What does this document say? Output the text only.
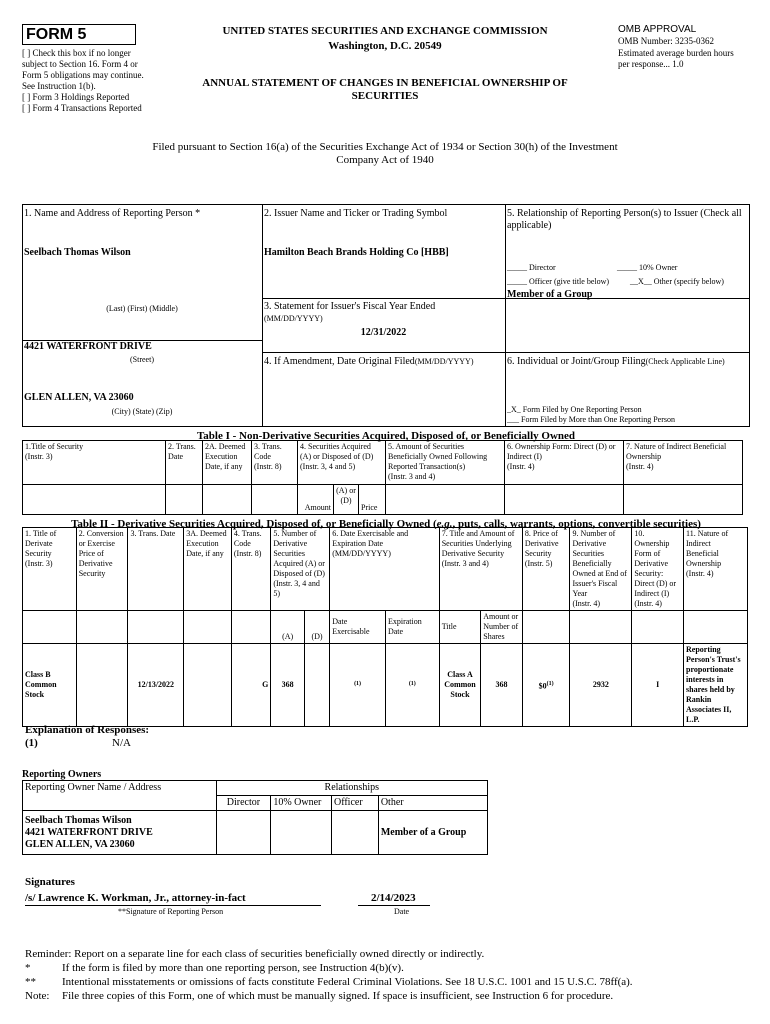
FORM 5
[ ] Check this box if no longer subject to Section 16. Form 4 or Form 5 obligations may continue. See Instruction 1(b).
[ ] Form 3 Holdings Reported
[ ] Form 4 Transactions Reported
UNITED STATES SECURITIES AND EXCHANGE COMMISSION
Washington, D.C. 20549
ANNUAL STATEMENT OF CHANGES IN BENEFICIAL OWNERSHIP OF SECURITIES
OMB APPROVAL
OMB Number: 3235-0362
Estimated average burden hours per response... 1.0
Filed pursuant to Section 16(a) of the Securities Exchange Act of 1934 or Section 30(h) of the Investment Company Act of 1940
1. Name and Address of Reporting Person *
Seelbach Thomas Wilson
(Last) (First) (Middle)
4421 WATERFRONT DRIVE
(Street)
GLEN ALLEN, VA 23060
(City) (State) (Zip)
2. Issuer Name and Ticker or Trading Symbol
Hamilton Beach Brands Holding Co [HBB]
3. Statement for Issuer's Fiscal Year Ended
(MM/DD/YYYY)
12/31/2022
4. If Amendment, Date Original Filed(MM/DD/YYYY)
5. Relationship of Reporting Person(s) to Issuer (Check all applicable)
_____ Director	_____ 10% Owner
_____ Officer (give title below)	__X__ Other (specify below)
Member of a Group
6. Individual or Joint/Group Filing(Check Applicable Line)
_X_ Form Filed by One Reporting Person
___ Form Filed by More than One Reporting Person
Table I - Non-Derivative Securities Acquired, Disposed of, or Beneficially Owned
1.Title of Security
(Instr. 3)	2. Trans. Date	2A. Deemed Execution Date, if any	3. Trans. Code
(Instr. 8)	4. Securities Acquired (A) or Disposed of (D)
(Instr. 3, 4 and 5)			5. Amount of Securities Beneficially Owned Following Reported Transaction(s)
(Instr. 3 and 4)	6. Ownership Form: Direct (D) or Indirect (I)
(Instr. 4)	7. Nature of Indirect Beneficial Ownership
(Instr. 4)
				Amount	(A) or (D)	Price			
Table II - Derivative Securities Acquired, Disposed of, or Beneficially Owned (e.g., puts, calls, warrants, options, convertible securities)
1. Title of Derivate Security
(Instr. 3)	2. Conversion or Exercise Price of Derivative Security	3. Trans. Date	3A. Deemed Execution Date, if any	4. Trans. Code
(Instr. 8)	5. Number of Derivative Securities Acquired (A) or Disposed of (D)
(Instr. 3, 4 and 5)		6. Date Exercisable and Expiration Date
(MM/DD/YYYY)		7. Title and Amount of Securities Underlying Derivative Security
(Instr. 3 and 4)		8. Price of Derivative Security
(Instr. 5)	9. Number of Derivative Securities Beneficially Owned at End of Issuer's Fiscal Year
(Instr. 4)	10. Ownership Form of Derivative Security: Direct (D) or Indirect (I)
(Instr. 4)	11. Nature of Indirect Beneficial Ownership
(Instr. 4)
					(A)	(D)	Date Exercisable	Expiration Date	Title	Amount or Number of Shares				
Class B Common Stock		12/13/2022		G	368		$^{(1)}$	$^{(1)}$	Class A Common Stock	368	$0$^{(1)}$	2932	I	Reporting Person's Trust's proportionate interests in shares held by Rankin Associates II, L.P.
Explanation of Responses:
(1)	N/A
Reporting Owners
Reporting Owner Name / Address	Relationships			
	Director	10% Owner	Officer	Other
Seelbach Thomas Wilson
4421 WATERFRONT DRIVE
GLEN ALLEN, VA 23060				Member of a Group
Signatures
/s/ Lawrence K. Workman, Jr., attorney-in-fact
**Signature of Reporting Person
2/14/2023
Date
Reminder: Report on a separate line for each class of securities beneficially owned directly or indirectly.
*	If the form is filed by more than one reporting person, see Instruction 4(b)(v).
** Intentional misstatements or omissions of facts constitute Federal Criminal Violations. See 18 U.S.C. 1001 and 15 U.S.C. 78ff(a).
Note: File three copies of this Form, one of which must be manually signed. If space is insufficient, see Instruction 6 for procedure.
